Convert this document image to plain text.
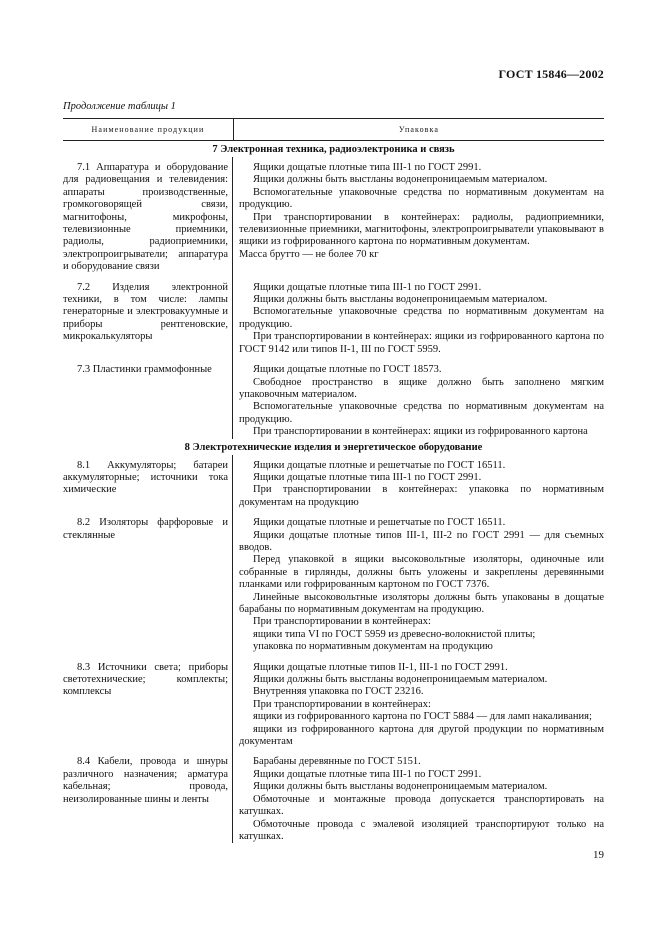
ГОСТ 15846—2002
Продолжение таблицы 1
Наименование продукции	Упаковка
7 Электронная техника, радиоэлектроника и связь

7.1 Аппаратура и оборудование для радиовещания и телевидения: аппараты производственные, громкоговорящей связи, магнитофоны, микрофоны, телевизионные приемники, радиолы, радиоприемники, электропроигрыватели; аппаратура и оборудование связи

Ящики дощатые плотные типа III-1 по ГОСТ 2991.

Ящики должны быть выстланы водонепроницаемым материалом.

Вспомогательные упаковочные средства по нормативным документам на продукцию.

При транспортировании в контейнерах: радиолы, радиоприемники, телевизионные приемники, магнитофоны, электропроигрыватели упаковывают в ящики из гофрированного картона по нормативным документам.

Масса брутто — не более 70 кг

7.2 Изделия электронной техники, в том числе: лампы генераторные и электровакуумные и приборы рентгеновские, микрокалькуляторы

Ящики дощатые плотные типа III-1 по ГОСТ 2991.

Ящики должны быть выстланы водонепроницаемым материалом.

Вспомогательные упаковочные средства по нормативным документам на продукцию.

При транспортировании в контейнерах: ящики из гофрированного картона по ГОСТ 9142 или типов II-1, III по ГОСТ 5959.

7.3 Пластинки граммофонные	Ящики дощатые плотные по ГОСТ 18573.

Свободное пространство в ящике должно быть заполнено мягким упаковочным материалом.

Вспомогательные упаковочные средства по нормативным документам на продукцию.

При транспортировании в контейнерах: ящики из гофрированного картона

8 Электротехнические изделия и энергетическое оборудование

8.1 Аккумуляторы; батареи аккумуляторные; источники тока химические

Ящики дощатые плотные и решетчатые по ГОСТ 16511.

Ящики дощатые плотные типа III-1 по ГОСТ 2991.

При транспортировании в контейнерах: упаковка по нормативным документам на продукцию

8.2 Изоляторы фарфоровые и стеклянные

Ящики дощатые плотные и решетчатые по ГОСТ 16511.

Ящики дощатые плотные типов III-1, III-2 по ГОСТ 2991 — для съемных вводов.

Перед упаковкой в ящики высоковольтные изоляторы, одиночные или собранные в гирлянды, должны быть уложены и закреплены деревянными планками или гофрированным картоном по ГОСТ 7376.

Линейные высоковольтные изоляторы должны быть упакованы в дощатые барабаны по нормативным документам на продукцию.

При транспортировании в контейнерах:

ящики типа VI по ГОСТ 5959 из древесно-волокнистой плиты;

упаковка по нормативным документам на продукцию

8.3 Источники света; приборы светотехнические; комплекты; комплексы

Ящики дощатые плотные типов II-1, III-1 по ГОСТ 2991.

Ящики должны быть выстланы водонепроницаемым материалом.

Внутренняя упаковка по ГОСТ 23216.

При транспортировании в контейнерах:

ящики из гофрированного картона по ГОСТ 5884 — для ламп накаливания;

ящики из гофрированного картона для другой продукции по нормативным документам

8.4 Кабели, провода и шнуры различного назначения; арматура кабельная; провода, неизолированные шины и ленты

Барабаны деревянные по ГОСТ 5151.

Ящики дощатые плотные типа III-1 по ГОСТ 2991.

Ящики должны быть выстланы водонепроницаемым материалом.

Обмоточные и монтажные провода допускается транспортировать на катушках.

Обмоточные провода с эмалевой изоляцией транспортируют только на катушках.

19
